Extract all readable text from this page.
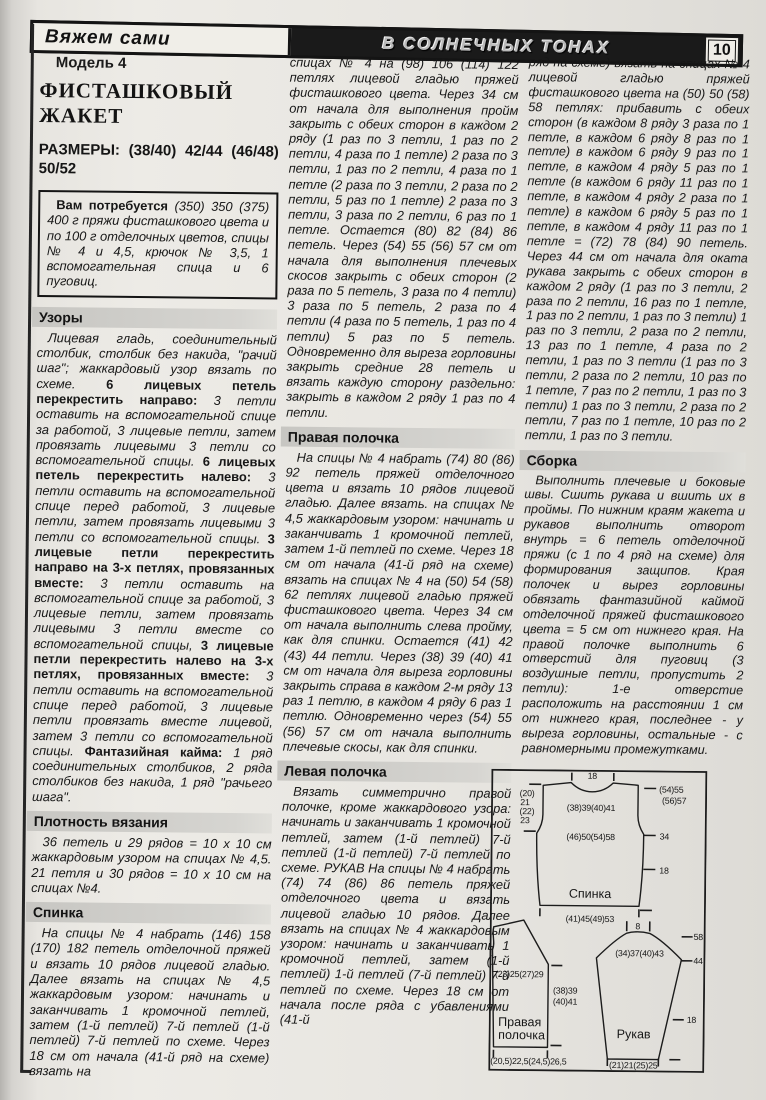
Вяжем сами	В СОЛНЕЧНЫХ ТОНАХ	10
Модель 4
ФИСТАШКОВЫЙ ЖАКЕТ
РАЗМЕРЫ: (38/40) 42/44 (46/48) 50/52
Вам потребуется (350) 350 (375) 400 г пряжи фисташкового цвета и по 100 г отделочных цветов, спицы № 4 и 4,5, крючок № 3,5, 1 вспомогательная спица и 6 пуговиц.
Узоры

Лицевая гладь, соединительный столбик, столбик без накида, "рачий шаг"; жаккардовый узор вязать по схеме. 6 лицевых петель перекрестить направо: 3 петли оставить на вспомогательной спице за работой, 3 лицевые петли, затем провязать лицевыми 3 петли со вспомогательной спицы. 6 лицевых петель перекрестить налево: 3 петли оставить на вспомогательной спице перед работой, 3 лицевые петли, затем провязать лицевыми 3 петли со вспомогательной спицы. 3 лицевые петли перекрестить направо на 3-х петлях, провязанных вместе: 3 петли оставить на вспомогательной спице за работой, 3 лицевые петли, затем провязать лицевыми 3 петли вместе со вспомогательной спицы, 3 лицевые петли перекрестить налево на 3-х петлях, провязанных вместе: 3 петли оставить на вспомогательной спице перед работой, 3 лицевые петли провязать вместе лицевой, затем 3 петли со вспомогательной спицы. Фантазийная кайма: 1 ряд соединительных столбиков, 2 ряда столбиков без накида, 1 ряд "рачьего шага".

Плотность вязания

36 петель и 29 рядов = 10 х 10 см жаккардовым узором на спицах № 4,5. 21 петля и 30 рядов = 10 х 10 см на спицах №4.

Спинка

На спицы № 4 набрать (146) 158 (170) 182 петель отделочной пряжей и вязать 10 рядов лицевой гладью. Далее вязать на спицах № 4,5 жаккардовым узором: начинать и заканчивать 1 кромочной петлей, затем (1-й петлей) 7-й петлей (1-й петлей) 7-й петлей по схеме. Через 18 см от начала (41-й ряд на схеме) вязать на

спицах № 4 на (98) 106 (114) 122 петлях лицевой гладью пряжей фисташкового цвета. Через 34 см от начала для выполнения пройм закрыть с обеих сторон в каждом 2 ряду (1 раз по 3 петли, 1 раз по 2 петли, 4 раза по 1 петле) 2 раза по 3 петли, 1 раз по 2 петли, 4 раза по 1 петле (2 раза по 3 петли, 2 раза по 2 петли, 5 раз по 1 петле) 2 раза по 3 петли, 3 раза по 2 петли, 6 раз по 1 петле. Остается (80) 82 (84) 86 петель. Через (54) 55 (56) 57 см от начала для выполнения плечевых скосов закрыть с обеих сторон (2 раза по 5 петель, 3 раза по 4 петли) 3 раза по 5 петель, 2 раза по 4 петли (4 раза по 5 петель, 1 раз по 4 петли) 5 раз по 5 петель. Одновременно для выреза горловины закрыть средние 28 петель и вязать каждую сторону раздельно: закрыть в каждом 2 ряду 1 раз по 4 петли.

Правая полочка

На спицы № 4 набрать (74) 80 (86) 92 петель пряжей отделочного цвета и вязать 10 рядов лицевой гладью. Далее вязать. на спицах № 4,5 жаккардовым узором: начинать и заканчивать 1 кромочной петлей, затем 1-й петлей по схеме. Через 18 см от начала (41-й ряд на схеме) вязать на спицах № 4 на (50) 54 (58) 62 петлях лицевой гладью пряжей фисташкового цвета. Через 34 см от начала выполнить слева пройму, как для спинки. Остается (41) 42 (43) 44 петли. Через (38) 39 (40) 41 см от начала для выреза горловины закрыть справа в каждом 2-м ряду 13 раз 1 петлю, в каждом 4 ряду 6 раз 1 петлю. Одновременно через (54) 55 (56) 57 см от начала выполнить плечевые скосы, как для спинки.

Левая полочка

Вязать симметрично правой полочке, кроме жаккардового узора: начинать и заканчивать 1 кромочной петлей, затем (1-й петлей) 7-й петлей (1-й петлей) 7-й петлей по схеме. РУКАВ На спицы № 4 набрать (74) 74 (86) 86 петель пряжей отделочного цвета и вязать лицевой гладью 10 рядов. Далее вязать на спицах № 4 жаккардовым узором: начинать и заканчивать 1 кромочной петлей, затем (1-й петлей) 1-й петлей (7-й петлей) 7-й петлей по схеме. Через 18 см от начала после ряда с убавлениями (41-й

ряд на схеме) вязать на спицах № 4 лицевой гладью пряжей фисташкового цвета на (50) 50 (58) 58 петлях: прибавить с обеих сторон (в каждом 8 ряду 3 раза по 1 петле, в каждом 6 ряду 8 раз по 1 петле) в каждом 6 ряду 9 раз по 1 петле, в каждом 4 ряду 5 раз по 1 петле (в каждом 6 ряду 11 раз по 1 петле, в каждом 4 ряду 2 раза по 1 петле) в каждом 6 ряду 5 раз по 1 петле, в каждом 4 ряду 11 раз по 1 петле = (72) 78 (84) 90 петель. Через 44 см от начала для оката рукава закрыть с обеих сторон в каждом 2 ряду (1 раз по 3 петли, 2 раза по 2 петли, 16 раз по 1 петле, 1 раз по 2 петли, 1 раз по 3 петли) 1 раз по 3 петли, 2 раза по 2 петли, 13 раз по 1 петле, 4 раза по 2 петли, 1 раз по 3 петли (1 раз по 3 петли, 2 раза по 2 петли, 10 раз по 1 петле, 7 раз по 2 петли, 1 раз по 3 петли) 1 раз по 3 петли, 2 раза по 2 петли, 7 раз по 1 петле, 10 раз по 2 петли, 1 раз по 3 петли.

Сборка

Выполнить плечевые и боковые швы. Сшить рукава и вшить их в проймы. По нижним краям жакета и рукавов выполнить отворот внутрь = 6 петель отделочной пряжи (с 1 по 4 ряд на схеме) для формирования защипов. Края полочек и вырез горловины обвязать фантазийной каймой отделочной пряжей фисташкового цвета = 5 см от нижнего края. На правой полочке выполнить 6 отверстий для пуговиц (3 воздушные петли, пропустить 2 петли): 1-е отверстие расположить на расстоянии 1 см от нижнего края, последнее - у выреза горловины, остальные - с равномерными промежутками.

18
(20)
21
(22)
23
(54)55
(56)57
34
18
(38)39(40)41
(46)50(54)58
Спинка
(41)45(49)53
(23)25(27)29
Правая
полочка
(38)39
(40)41
(20,5)22,5(24,5)26,5
8
(34)37(40)43
Рукав
58
44
18
(21)21(25)25
